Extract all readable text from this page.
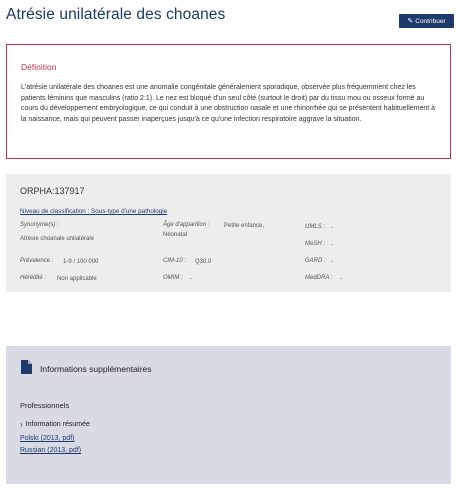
Atrésie unilatérale des choanes	✎ Contribuer
Définition

L'atrésie unilatérale des choanes est une anomalie congénitale généralement sporadique, observée plus fréquemment chez les patients féminins que masculins (ratio 2:1). Le nez est bloqué d'un seul côté (surtout le droit) par du tissu mou ou osseux formé au cours du développement embryologique, ce qui conduit à une obstruction nasale et une rhinorrhée qui se présentent habituellement à la naissance, mais qui peuvent passer inaperçues jusqu'à ce qu'une infection respiratoire aggrave la situation.

ORPHA:137917
Niveau de classification : Sous-type d'une pathologie
Synonyme(s) :
Atrésie choanale unilatérale
Âge d'apparition : Petite enfance,
Néonatal
UMLS : -
MeSH : -
Prévalence : 1-9 / 100 000	CIM-10 : Q30.0	GARD : -
Hérédité : Non applicable	OMIM : -	MedDRA : -
Informations supplémentaires
Professionnels
› Information résumée
Polski (2013, pdf)
Russian (2013, pdf)
